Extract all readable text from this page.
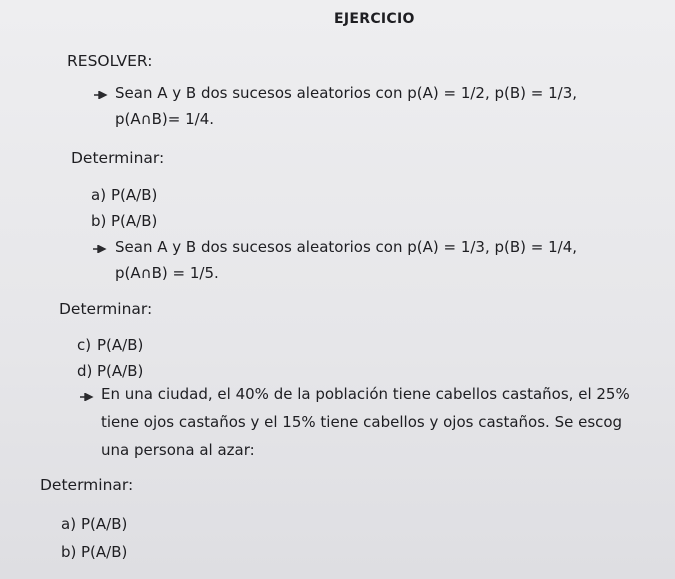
EJERCICIO
RESOLVER:
Sean A y B dos sucesos aleatorios con p(A) = 1/2, p(B) = 1/3,
p(A∩B)= 1/4.
Determinar:
a) P(A/B)
b) P(A/B)
Sean A y B dos sucesos aleatorios con p(A) = 1/3, p(B) = 1/4,
p(A∩B) = 1/5.
Determinar:
c) P(A/B)
d) P(A/B)
En una ciudad, el 40% de la población tiene cabellos castaños, el 25%
tiene ojos castaños y el 15% tiene cabellos y ojos castaños. Se escog
una persona al azar:
Determinar:
a) P(A/B)
b) P(A/B)
